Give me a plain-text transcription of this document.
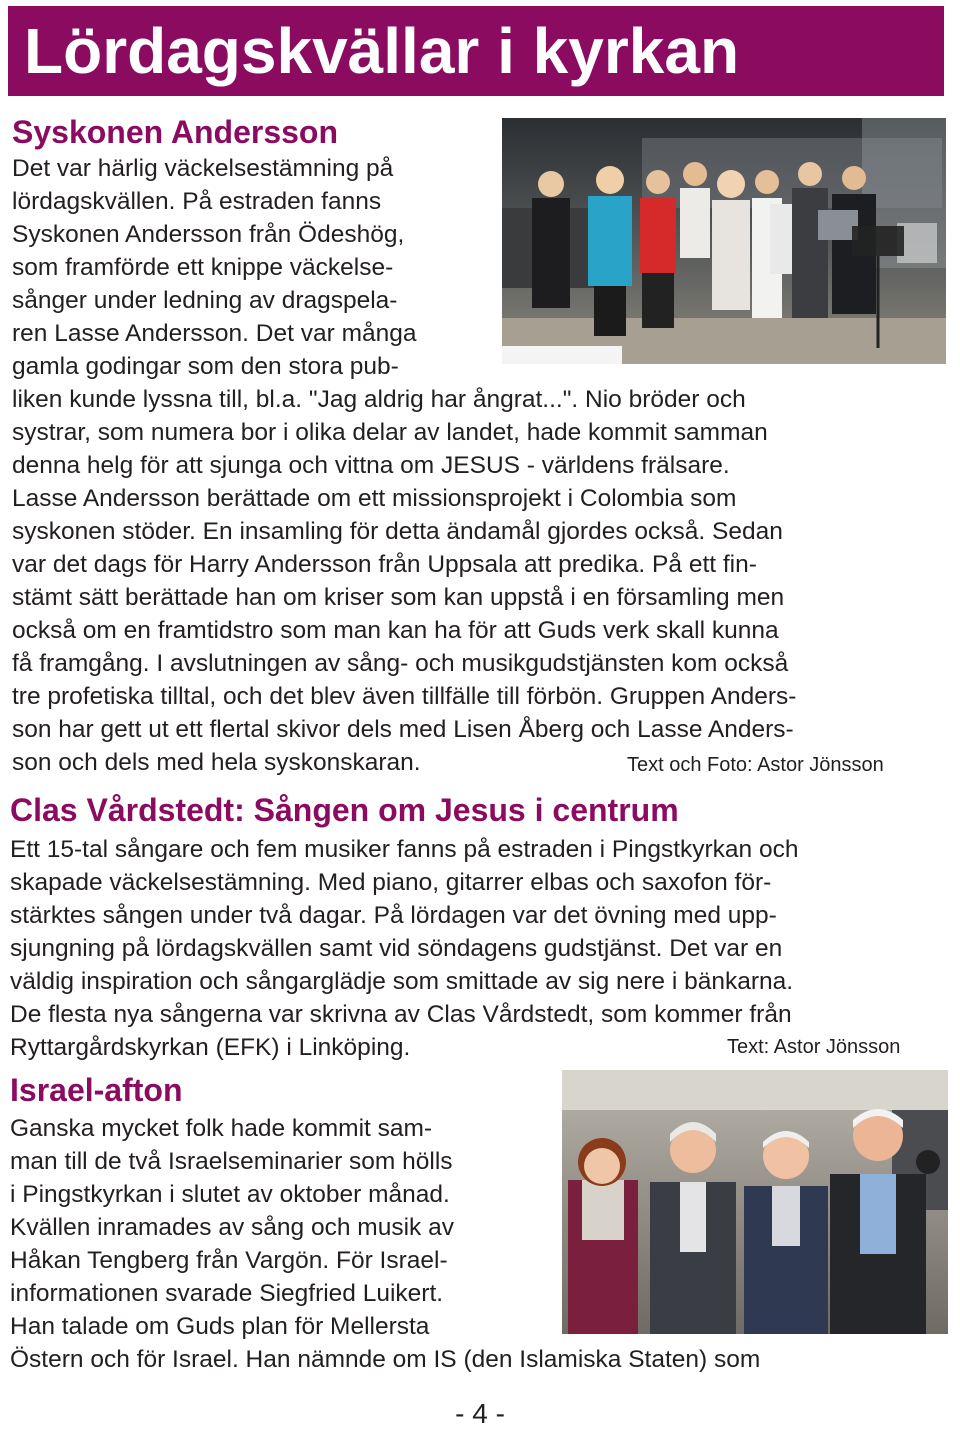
Lördagskvällar i kyrkan
Syskonen Andersson
Det var härlig väckelsestämning på
lördagskvällen. På estraden fanns
Syskonen Andersson från Ödeshög,
som framförde ett knippe väckelse-
sånger under ledning av dragspela-
ren Lasse Andersson. Det var många
gamla godingar som den stora pub-
liken kunde lyssna till, bl.a. "Jag aldrig har ångrat...". Nio bröder och
systrar, som numera bor i olika delar av landet, hade kommit samman
denna helg för att sjunga och vittna om JESUS - världens frälsare.
Lasse Andersson berättade om ett missionsprojekt i Colombia som
syskonen stöder. En insamling för detta ändamål gjordes också. Sedan
var det dags för Harry Andersson från Uppsala att predika. På ett fin-
stämt sätt berättade han om kriser som kan uppstå i en församling men
också om en framtidstro som man kan ha för att Guds verk skall kunna
få framgång. I avslutningen av sång- och musikgudstjänsten kom också
tre profetiska tilltal, och det blev även tillfälle till förbön. Gruppen Anders-
son har gett ut ett flertal skivor dels med Lisen Åberg och Lasse Anders-
son och dels med hela syskonskaran.	Text och Foto: Astor Jönsson
Clas Vårdstedt: Sången om Jesus i centrum
Ett 15-tal sångare och fem musiker fanns på estraden i Pingstkyrkan och
skapade väckelsestämning. Med piano, gitarrer elbas och saxofon för-
stärktes sången under två dagar. På lördagen var det övning med upp-
sjungning på lördagskvällen samt vid söndagens gudstjänst. Det var en
väldig inspiration och sångarglädje som smittade av sig nere i bänkarna.
De flesta nya sångerna var skrivna av Clas Vårdstedt, som kommer från
Ryttargårdskyrkan (EFK) i Linköping.	Text: Astor Jönsson
Israel-afton
Ganska mycket folk hade kommit sam-
man till de två Israelseminarier som hölls
i Pingstkyrkan i slutet av oktober månad.
Kvällen inramades av sång och musik av
Håkan Tengberg från Vargön. För Israel-
informationen svarade Siegfried Luikert.
Han talade om Guds plan för Mellersta
Östern och för Israel. Han nämnde om IS (den Islamiska Staten) som
- 4 -
